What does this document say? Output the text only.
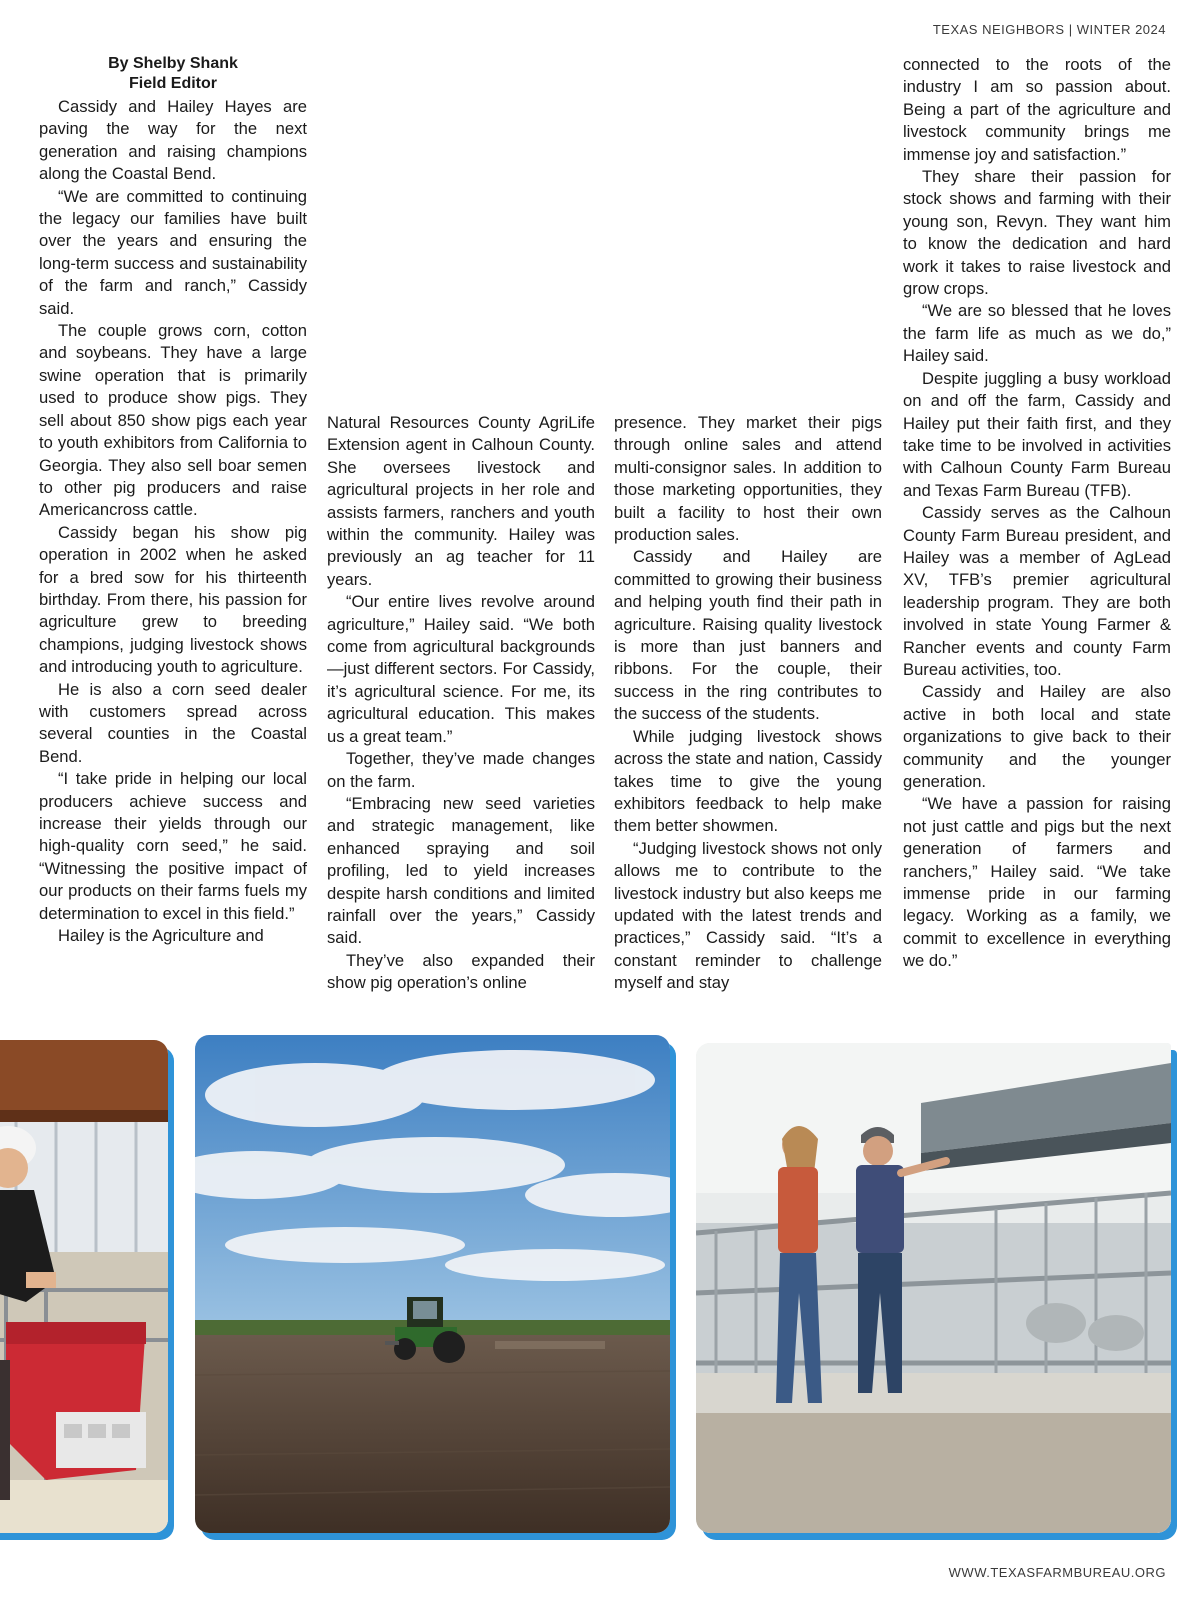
TEXAS NEIGHBORS | WINTER 2024
By Shelby Shank
Field Editor

Cassidy and Hailey Hayes are paving the way for the next generation and raising champions along the Coastal Bend.

“We are committed to continuing the legacy our families have built over the years and ensuring the long-term success and sustainability of the farm and ranch,” Cassidy said.

The couple grows corn, cotton and soybeans. They have a large swine operation that is primarily used to produce show pigs. They sell about 850 show pigs each year to youth exhibitors from California to Georgia. They also sell boar semen to other pig producers and raise Americancross cattle.

Cassidy began his show pig operation in 2002 when he asked for a bred sow for his thirteenth birthday. From there, his passion for agriculture grew to breeding champions, judging livestock shows and introducing youth to agriculture.

He is also a corn seed dealer with customers spread across several counties in the Coastal Bend.

“I take pride in helping our local producers achieve success and increase their yields through our high-quality corn seed,” he said. “Witnessing the positive impact of our products on their farms fuels my determination to excel in this field.”

Hailey is the Agriculture and

Natural Resources County AgriLife Extension agent in Calhoun County. She oversees livestock and agricultural projects in her role and assists farmers, ranchers and youth within the community. Hailey was previously an ag teacher for 11 years.

“Our entire lives revolve around agriculture,” Hailey said. “We both come from agricultural backgrounds—just different sectors. For Cassidy, it’s agricultural science. For me, its agricultural education. This makes us a great team.”

Together, they’ve made changes on the farm.

“Embracing new seed varieties and strategic management, like enhanced spraying and soil profiling, led to yield increases despite harsh conditions and limited rainfall over the years,” Cassidy said.

They’ve also expanded their show pig operation’s online

presence. They market their pigs through online sales and attend multi-consignor sales. In addition to those marketing opportunities, they built a facility to host their own production sales.

Cassidy and Hailey are committed to growing their business and helping youth find their path in agriculture. Raising quality livestock is more than just banners and ribbons. For the couple, their success in the ring contributes to the success of the students.

While judging livestock shows across the state and nation, Cassidy takes time to give the young exhibitors feedback to help make them better showmen.

“Judging livestock shows not only allows me to contribute to the livestock industry but also keeps me updated with the latest trends and practices,” Cassidy said. “It’s a constant reminder to challenge myself and stay

connected to the roots of the industry I am so passion about. Being a part of the agriculture and livestock community brings me immense joy and satisfaction.”

They share their passion for stock shows and farming with their young son, Revyn. They want him to know the dedication and hard work it takes to raise livestock and grow crops.

“We are so blessed that he loves the farm life as much as we do,” Hailey said.

Despite juggling a busy workload on and off the farm, Cassidy and Hailey put their faith first, and they take time to be involved in activities with Calhoun County Farm Bureau and Texas Farm Bureau (TFB).

Cassidy serves as the Calhoun County Farm Bureau president, and Hailey was a member of AgLead XV, TFB’s premier agricultural leadership program. They are both involved in state Young Farmer & Rancher events and county Farm Bureau activities, too.

Cassidy and Hailey are also active in both local and state organizations to give back to their community and the younger generation.

“We have a passion for raising not just cattle and pigs but the next generation of farmers and ranchers,” Hailey said. “We take immense pride in our farming legacy. Working as a family, we commit to excellence in everything we do.”

WWW.TEXASFARMBUREAU.ORG
